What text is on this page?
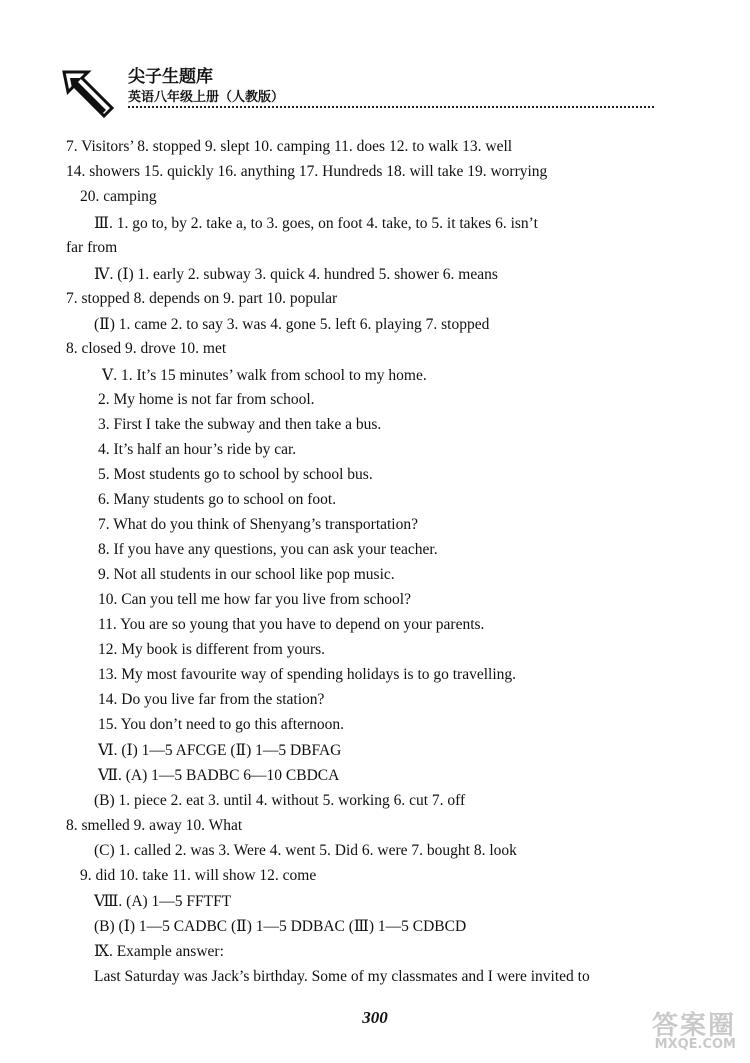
尖子生题库
英语八年级上册（人教版）
7. Visitors’ 8. stopped 9. slept 10. camping 11. does 12. to walk 13. well
14. showers 15. quickly 16. anything 17. Hundreds 18. will take 19. worrying
20. camping
Ⅲ. 1. go to, by 2. take a, to 3. goes, on foot 4. take, to 5. it takes 6. isn’t
far from
Ⅳ. (Ⅰ) 1. early 2. subway 3. quick 4. hundred 5. shower 6. means
7. stopped 8. depends on 9. part 10. popular
(Ⅱ) 1. came 2. to say 3. was 4. gone 5. left 6. playing 7. stopped
8. closed 9. drove 10. met
Ⅴ. 1. It’s 15 minutes’ walk from school to my home.
2. My home is not far from school.
3. First I take the subway and then take a bus.
4. It’s half an hour’s ride by car.
5. Most students go to school by school bus.
6. Many students go to school on foot.
7. What do you think of Shenyang’s transportation?
8. If you have any questions, you can ask your teacher.
9. Not all students in our school like pop music.
10. Can you tell me how far you live from school?
11. You are so young that you have to depend on your parents.
12. My book is different from yours.
13. My most favourite way of spending holidays is to go travelling.
14. Do you live far from the station?
15. You don’t need to go this afternoon.
Ⅵ. (Ⅰ) 1—5 AFCGE (Ⅱ) 1—5 DBFAG
Ⅶ. (A) 1—5 BADBC 6—10 CBDCA
(B) 1. piece 2. eat 3. until 4. without 5. working 6. cut 7. off
8. smelled 9. away 10. What
(C) 1. called 2. was 3. Were 4. went 5. Did 6. were 7. bought 8. look
9. did 10. take 11. will show 12. come
Ⅷ. (A) 1—5 FFTFT
(B) (Ⅰ) 1—5 CADBC (Ⅱ) 1—5 DDBAC (Ⅲ) 1—5 CDBCD
Ⅸ. Example answer:
Last Saturday was Jack’s birthday. Some of my classmates and I were invited to
300	答案圈
MXQE.COM
